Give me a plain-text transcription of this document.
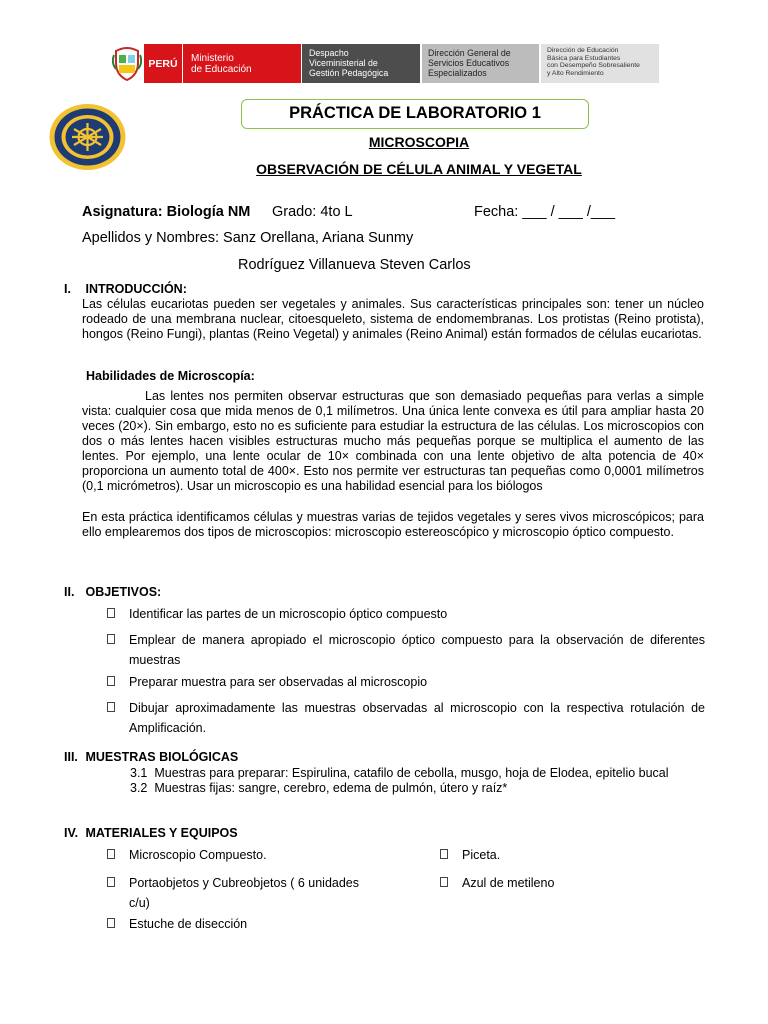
PERÚ	Ministerio
de Educación
Despacho
Viceministerial de
Gestión Pedagógica
Dirección General de
Servicios Educativos
Especializados
Dirección de Educación
Básica para Estudiantes
con Desempeño Sobresaliente
y Alto Rendimiento
PRÁCTICA DE LABORATORIO 1
MICROSCOPIA
OBSERVACIÓN DE CÉLULA ANIMAL Y VEGETAL
Asignatura: Biología NM Grado: 4to L	Fecha: ___ / ___ /___
Apellidos y Nombres: Sanz Orellana, Ariana Sunmy
Rodríguez Villanueva Steven Carlos
I. INTRODUCCIÓN:
Las células eucariotas pueden ser vegetales y animales. Sus características principales son: tener un núcleo rodeado de una membrana nuclear, citoesqueleto, sistema de endomembranas. Los protistas (Reino protista), hongos (Reino Fungi), plantas (Reino Vegetal) y animales (Reino Animal) están formados de células eucariotas.
Habilidades de Microscopía:
Las lentes nos permiten observar estructuras que son demasiado pequeñas para verlas a simple vista: cualquier cosa que mida menos de 0,1 milímetros. Una única lente convexa es útil para ampliar hasta 20 veces (20×). Sin embargo, esto no es suficiente para estudiar la estructura de las células. Los microscopios con dos o más lentes hacen visibles estructuras mucho más pequeñas porque se multiplica el aumento de las lentes. Por ejemplo, una lente ocular de 10× combinada con una lente objetivo de alta potencia de 40× proporciona un aumento total de 400×. Esto nos permite ver estructuras tan pequeñas como 0,0001 milímetros (0,1 micrómetros). Usar un microscopio es una habilidad esencial para los biólogos
En esta práctica identificamos células y muestras varias de tejidos vegetales y seres vivos microscópicos; para ello emplearemos dos tipos de microscopios: microscopio estereoscópico y microscopio óptico compuesto.
II. OBJETIVOS:
Identificar las partes de un microscopio óptico compuesto
Emplear de manera apropiado el microscopio óptico compuesto para la observación de diferentes muestras
Preparar muestra para ser observadas al microscopio
Dibujar aproximadamente las muestras observadas al microscopio con la respectiva rotulación de Amplificación.
III. MUESTRAS BIOLÓGICAS
3.1 Muestras para preparar: Espirulina, catafilo de cebolla, musgo, hoja de Elodea, epitelio bucal
3.2 Muestras fijas: sangre, cerebro, edema de pulmón, útero y raíz*
IV. MATERIALES Y EQUIPOS
Microscopio Compuesto.
Portaobjetos y Cubreobjetos ( 6 unidades c/u)
Estuche de disección
Piceta.
Azul de metileno
